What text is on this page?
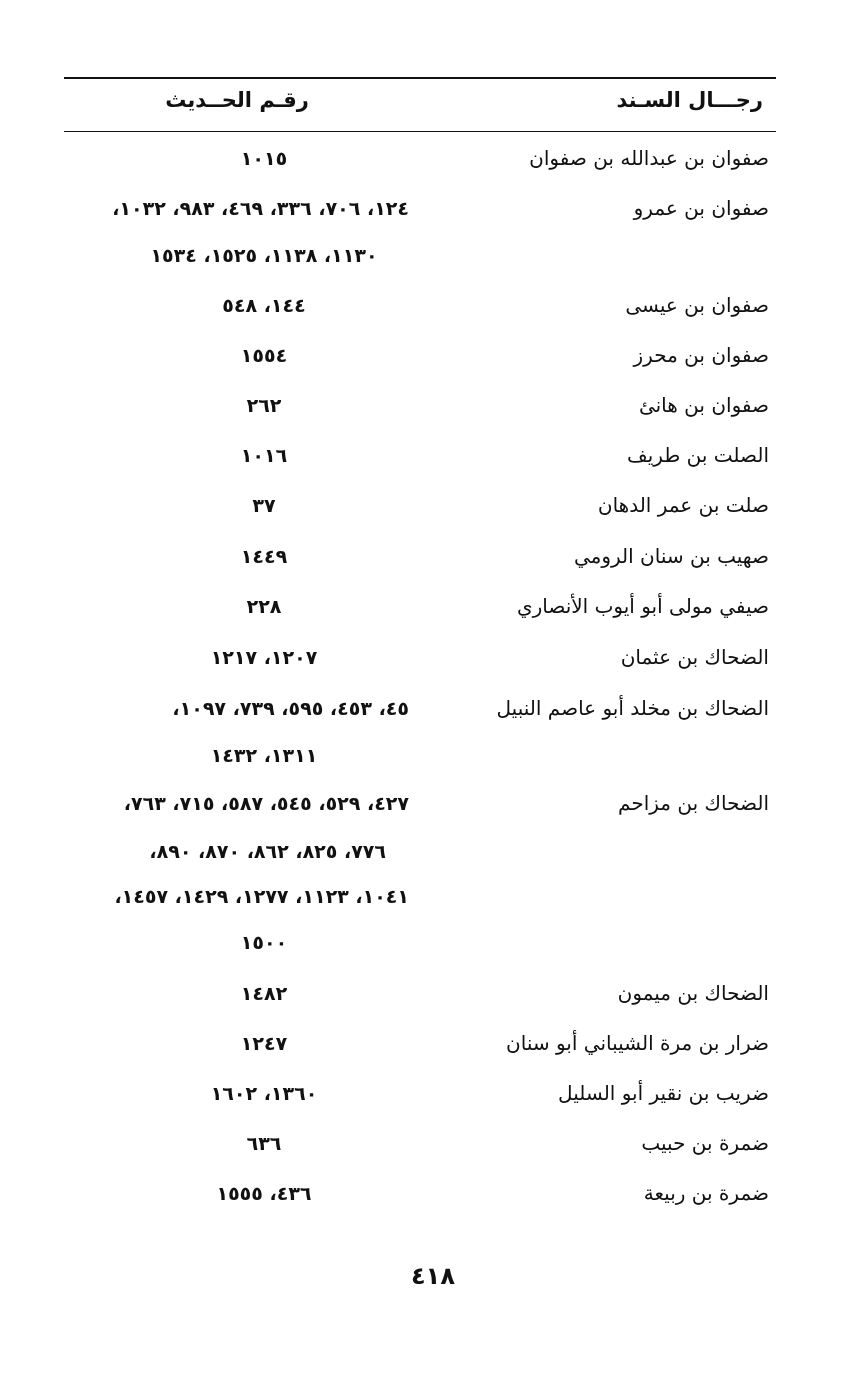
رجـــال السـند
رقـم الحــديث
صفوان بن عبدالله بن صفوان
١٠١٥
صفوان بن عمرو
١٢٤، ٧٠٦، ٣٣٦، ٤٦٩، ٩٨٣، ١٠٣٢،
١١٣٠، ١١٣٨، ١٥٢٥، ١٥٣٤
صفوان بن عيسى
١٤٤، ٥٤٨
صفوان بن محرز
١٥٥٤
صفوان بن هانئ
٢٦٢
الصلت بن طريف
١٠١٦
صلت بن عمر الدهان
٣٧
صهيب بن سنان الرومي
١٤٤٩
صيفي مولى أبو أيوب الأنصاري
٢٢٨
الضحاك بن عثمان
١٢٠٧، ١٢١٧
الضحاك بن مخلد أبو عاصم النبيل
٤٥، ٤٥٣، ٥٩٥، ٧٣٩، ١٠٩٧،
١٣١١، ١٤٣٢
الضحاك بن مزاحم
٤٢٧، ٥٢٩، ٥٤٥، ٥٨٧، ٧١٥، ٧٦٣،
٧٧٦، ٨٢٥، ٨٦٢، ٨٧٠، ٨٩٠،
١٠٤١، ١١٢٣، ١٢٧٧، ١٤٢٩، ١٤٥٧،
١٥٠٠
الضحاك بن ميمون
١٤٨٢
ضرار بن مرة الشيباني أبو سنان
١٢٤٧
ضريب بن نقير أبو السليل
١٣٦٠، ١٦٠٢
ضمرة بن حبيب
٦٣٦
ضمرة بن ربيعة
٤٣٦، ١٥٥٥
٤١٨
